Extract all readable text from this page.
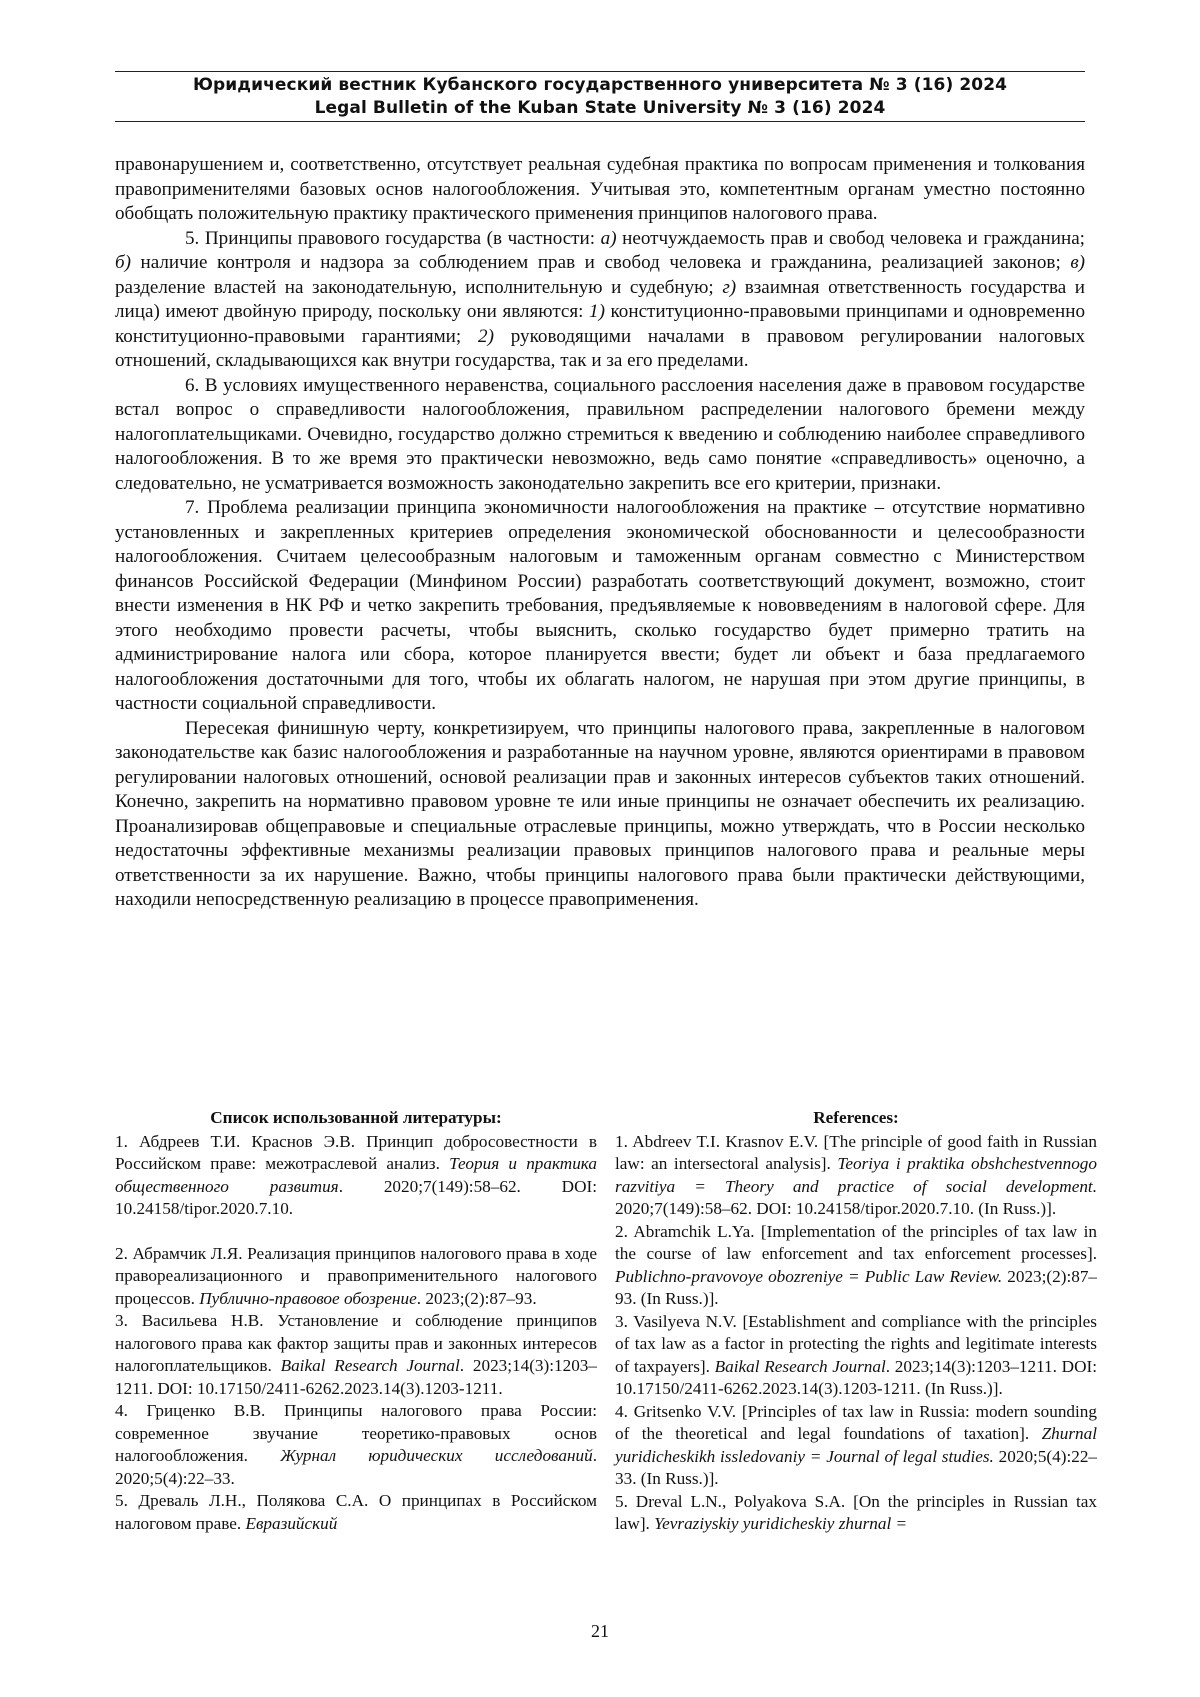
Юридический вестник Кубанского государственного университета № 3 (16) 2024
Legal Bulletin of the Kuban State University № 3 (16) 2024

правонарушением и, соответственно, отсутствует реальная судебная практика по вопросам применения и толкования правоприменителями базовых основ налогообложения. Учитывая это, компетентным органам уместно постоянно обобщать положительную практику практического применения принципов налогового права.

5. Принципы правового государства (в частности: а) неотчуждаемость прав и свобод человека и гражданина; б) наличие контроля и надзора за соблюдением прав и свобод человека и гражданина, реализацией законов; в) разделение властей на законодательную, исполнительную и судебную; г) взаимная ответственность государства и лица) имеют двойную природу, поскольку они являются: 1) конституционно-правовыми принципами и одновременно конституционно-правовыми гарантиями; 2) руководящими началами в правовом регулировании налоговых отношений, складывающихся как внутри государства, так и за его пределами.

6. В условиях имущественного неравенства, социального расслоения населения даже в правовом государстве встал вопрос о справедливости налогообложения, правильном распределении налогового бремени между налогоплательщиками. Очевидно, государство должно стремиться к введению и соблюдению наиболее справедливого налогообложения. В то же время это практически невозможно, ведь само понятие «справедливость» оценочно, а следовательно, не усматривается возможность законодательно закрепить все его критерии, признаки.

7. Проблема реализации принципа экономичности налогообложения на практике – отсутствие нормативно установленных и закрепленных критериев определения экономической обоснованности и целесообразности налогообложения. Считаем целесообразным налоговым и таможенным органам совместно с Министерством финансов Российской Федерации (Минфином России) разработать соответствующий документ, возможно, стоит внести изменения в НК РФ и четко закрепить требования, предъявляемые к нововведениям в налоговой сфере. Для этого необходимо провести расчеты, чтобы выяснить, сколько государство будет примерно тратить на администрирование налога или сбора, которое планируется ввести; будет ли объект и база предлагаемого налогообложения достаточными для того, чтобы их облагать налогом, не нарушая при этом другие принципы, в частности социальной справедливости.

Пересекая финишную черту, конкретизируем, что принципы налогового права, закрепленные в налоговом законодательстве как базис налогообложения и разработанные на научном уровне, являются ориентирами в правовом регулировании налоговых отношений, основой реализации прав и законных интересов субъектов таких отношений. Конечно, закрепить на нормативно правовом уровне те или иные принципы не означает обеспечить их реализацию. Проанализировав общеправовые и специальные отраслевые принципы, можно утверждать, что в России несколько недостаточны эффективные механизмы реализации правовых принципов налогового права и реальные меры ответственности за их нарушение. Важно, чтобы принципы налогового права были практически действующими, находили непосредственную реализацию в процессе правоприменения.

Список использованной литературы:

1. Абдреев Т.И. Краснов Э.В. Принцип добросовестности в Российском праве: межотраслевой анализ. Теория и практика общественного развития. 2020;7(149):58–62. DOI: 10.24158/tipor.2020.7.10.

2. Абрамчик Л.Я. Реализация принципов налогового права в ходе правореализационного и правоприменительного налогового процессов. Публично-правовое обозрение. 2023;(2):87–93.

3. Васильева Н.В. Установление и соблюдение принципов налогового права как фактор защиты прав и законных интересов налогоплательщиков. Baikal Research Journal. 2023;14(3):1203–1211. DOI: 10.17150/2411-6262.2023.14(3).1203-1211.

4. Гриценко В.В. Принципы налогового права России: современное звучание теоретико-правовых основ налогообложения. Журнал юридических исследований. 2020;5(4):22–33.

5. Древаль Л.Н., Полякова С.А. О принципах в Российском налоговом праве. Евразийский

References:

1. Abdreev T.I. Krasnov E.V. [The principle of good faith in Russian law: an intersectoral analysis]. Teoriya i praktika obshchestvennogo razvitiya = Theory and practice of social development. 2020;7(149):58–62. DOI: 10.24158/tipor.2020.7.10. (In Russ.)].

2. Abramchik L.Ya. [Implementation of the principles of tax law in the course of law enforcement and tax enforcement processes]. Publichno-pravovoye obozreniye = Public Law Review. 2023;(2):87–93. (In Russ.)].

3. Vasilyeva N.V. [Establishment and compliance with the principles of tax law as a factor in protecting the rights and legitimate interests of taxpayers]. Baikal Research Journal. 2023;14(3):1203–1211. DOI: 10.17150/2411-6262.2023.14(3).1203-1211. (In Russ.)].

4. Gritsenko V.V. [Principles of tax law in Russia: modern sounding of the theoretical and legal foundations of taxation]. Zhurnal yuridicheskikh issledovaniy = Journal of legal studies. 2020;5(4):22–33. (In Russ.)].

5. Dreval L.N., Polyakova S.A. [On the principles in Russian tax law]. Yevraziyskiy yuridicheskiy zhurnal =

21
